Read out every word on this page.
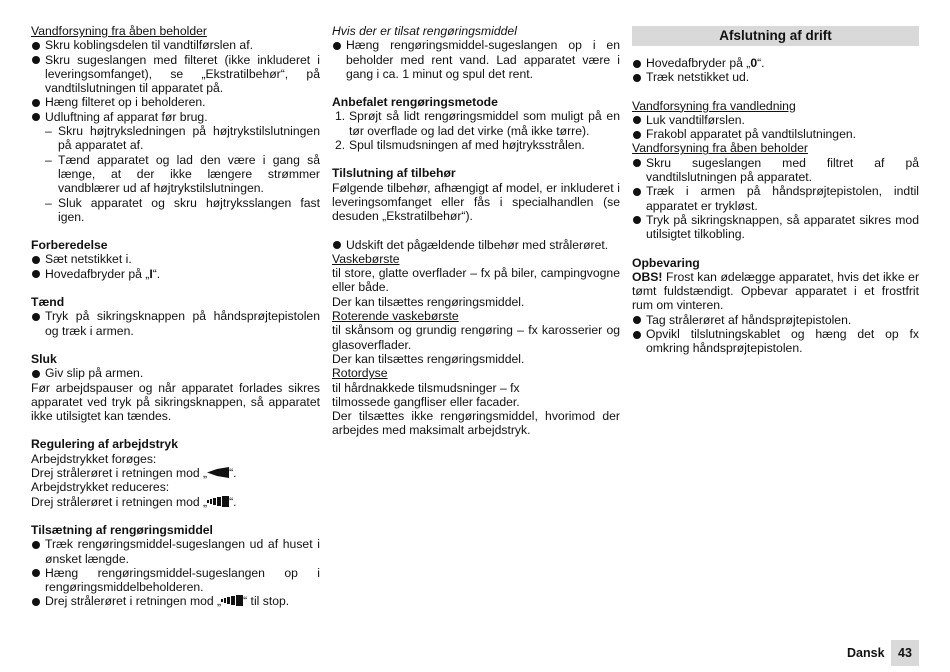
Vandforsyning fra åben beholder
Skru koblingsdelen til vandtilførslen af.
Skru sugeslangen med filteret (ikke inkluderet i leveringsomfanget), se „Ekstratilbehør“, på vandtilslutningen til apparatet på.
Hæng filteret op i beholderen.
Udluftning af apparat før brug.
– Skru højtryksledningen på højtrykstilslutningen på apparatet af.
– Tænd apparatet og lad den være i gang så længe, at der ikke længere strømmer vandblærer ud af højtrykstilslutningen.
– Sluk apparatet og skru højtryksslangen fast igen.
Forberedelse
Sæt netstikket i.
Hovedafbryder på „I“.
Tænd
Tryk på sikringsknappen på håndsprøjtepistolen og træk i armen.
Sluk
Giv slip på armen.
Før arbejdspauser og når apparatet forlades sikres apparatet ved tryk på sikringsknappen, så apparatet ikke utilsigtet kan tændes.
Regulering af arbejdstryk
Arbejdstrykket forøges:
Drej strålerøret i retningen mod „ “.
Arbejdstrykket reduceres:
Drej strålerøret i retningen mod „ “.
Tilsætning af rengøringsmiddel
Træk rengøringsmiddel-sugeslangen ud af huset i ønsket længde.
Hæng rengøringsmiddel-sugeslangen op i rengøringsmiddelbeholderen.
Drej strålerøret i retningen mod „ “ til stop.
Hvis der er tilsat rengøringsmiddel
Hæng rengøringsmiddel-sugeslangen op i en beholder med rent vand. Lad apparatet være i gang i ca. 1 minut og spul det rent.
Anbefalet rengøringsmetode
1. Sprøjt så lidt rengøringsmiddel som muligt på en tør overflade og lad det virke (må ikke tørre).
2. Spul tilsmudsningen af med højtryksstrålen.
Tilslutning af tilbehør
Følgende tilbehør, afhængigt af model, er inkluderet i leveringsomfanget eller fås i specialhandlen (se desuden „Ekstratilbehør“).
Udskift det pågældende tilbehør med strålerøret.
Vaskebørste
til store, glatte overflader – fx på biler, campingvogne eller både.
Der kan tilsættes rengøringsmiddel.
Roterende vaskebørste
til skånsom og grundig rengøring – fx karosserier og glasoverflader.
Der kan tilsættes rengøringsmiddel.
Rotordyse
til hårdnakkede tilsmudsninger – fx
tilmossede gangfliser eller facader.
Der tilsættes ikke rengøringsmiddel, hvorimod der arbejdes med maksimalt arbejdstryk.
Afslutning af drift
Hovedafbryder på „0“.
Træk netstikket ud.
Vandforsyning fra vandledning
Luk vandtilførslen.
Frakobl apparatet på vandtilslutningen.
Vandforsyning fra åben beholder
Skru sugeslangen med filtret af på vandtilslutningen på apparatet.
Træk i armen på håndsprøjtepistolen, indtil apparatet er trykløst.
Tryk på sikringsknappen, så apparatet sikres mod utilsigtet tilkobling.
Opbevaring
OBS! Frost kan ødelægge apparatet, hvis det ikke er tømt fuldstændigt. Opbevar apparatet i et frostfrit rum om vinteren.
Tag strålerøret af håndsprøjtepistolen.
Opvikl tilslutningskablet og hæng det op fx omkring håndsprøjtepistolen.
Dansk	43
